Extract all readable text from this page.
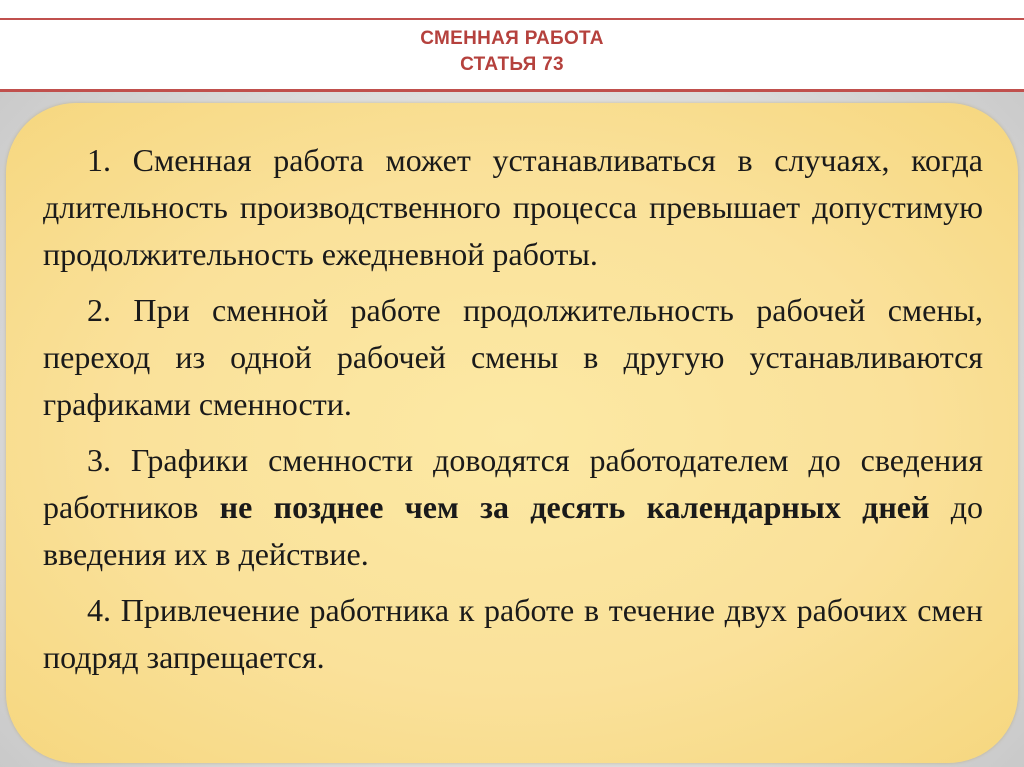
СМЕННАЯ РАБОТА
СТАТЬЯ 73

1. Сменная работа может устанавливаться в случаях, когда длительность производственного процесса превышает допустимую продолжительность ежедневной работы.

2. При сменной работе продолжительность рабочей смены, переход из одной рабочей смены в другую устанавливаются графиками сменности.

3. Графики сменности доводятся работодателем до сведения работников не позднее чем за десять календарных дней до введения их в действие.

4. Привлечение работника к работе в течение двух рабочих смен подряд запрещается.
